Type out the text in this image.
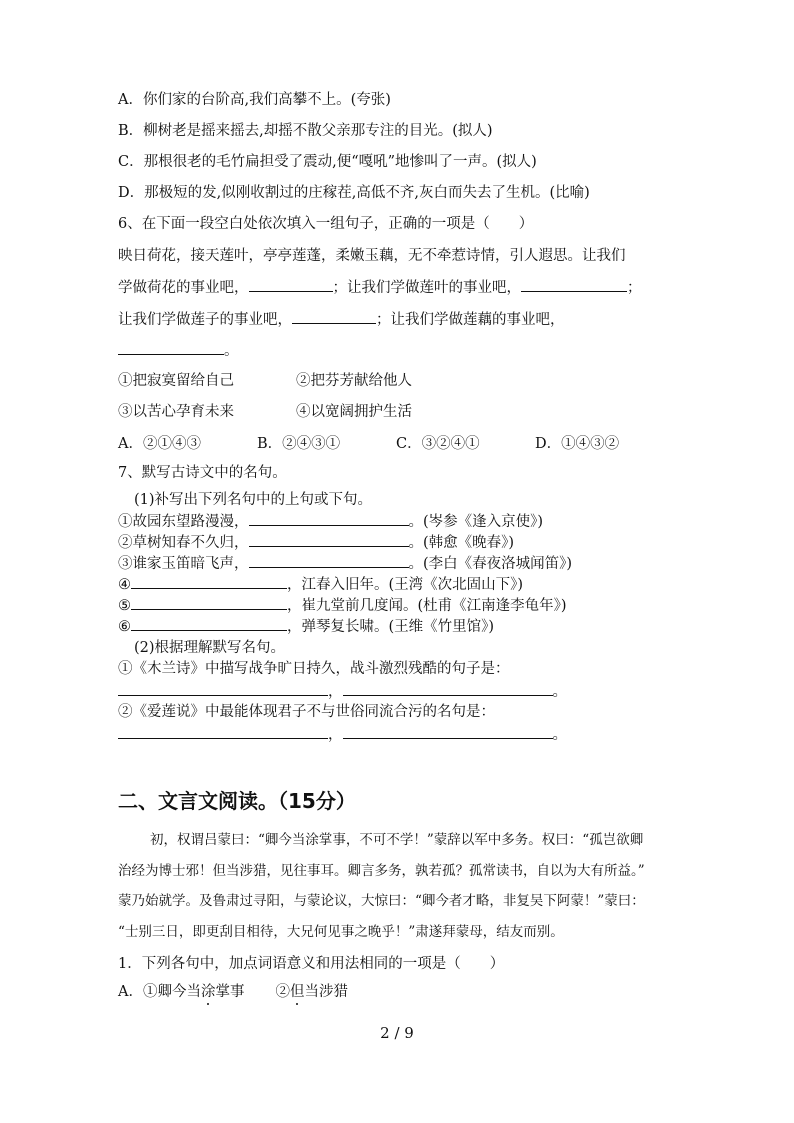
A．你们家的台阶高,我们高攀不上。(夸张)
B．柳树老是摇来摇去,却摇不散父亲那专注的目光。(拟人)
C．那根很老的毛竹扁担受了震动,便“嘎吼”地惨叫了一声。(拟人)
D．那极短的发,似刚收割过的庄稼茬,高低不齐,灰白而失去了生机。(比喻)
6、在下面一段空白处依次填入一组句子，正确的一项是（　　）
映日荷花，接天莲叶，亭亭莲蓬，柔嫩玉藕，无不牵惹诗情，引人遐思。让我们
学做荷花的事业吧，	；让我们学做莲叶的事业吧，	；
让我们学做莲子的事业吧，	；让我们学做莲藕的事业吧，
。
①把寂寞留给自己	②把芬芳献给他人
③以苦心孕育未来	④以宽阔拥护生活
A．②①④③	B．②④③①	C．③②④①	D．①④③②
7、默写古诗文中的名句。
(1)补写出下列名句中的上句或下句。
①故园东望路漫漫，	。(岑参《逢入京使》)
②草树知春不久归，	。(韩愈《晚春》)
③谁家玉笛暗飞声，	。(李白《春夜洛城闻笛》)
④	，江春入旧年。(王湾《次北固山下》)
⑤	，崔九堂前几度闻。(杜甫《江南逢李龟年》)
⑥	，弹琴复长啸。(王维《竹里馆》)
(2)根据理解默写名句。
①《木兰诗》中描写战争旷日持久，战斗激烈残酷的句子是：
，	。
②《爱莲说》中最能体现君子不与世俗同流合污的名句是：
，	。
二、文言文阅读。（15分）
初，权谓吕蒙曰：“卿今当涂掌事，不可不学！”蒙辞以军中多务。权曰：“孤岂欲卿
治经为博士邪！但当涉猎，见往事耳。卿言多务，孰若孤？孤常读书，自以为大有所益。”
蒙乃始就学。及鲁肃过寻阳，与蒙论议，大惊曰：“卿今者才略，非复吴下阿蒙！”蒙曰：
“士别三日，即更刮目相待，大兄何见事之晚乎！”肃遂拜蒙母，结友而别。
1．下列各句中，加点词语意义和用法相同的一项是（　　）
A．①卿今当涂掌事 ②但当涉猎
2 / 9
